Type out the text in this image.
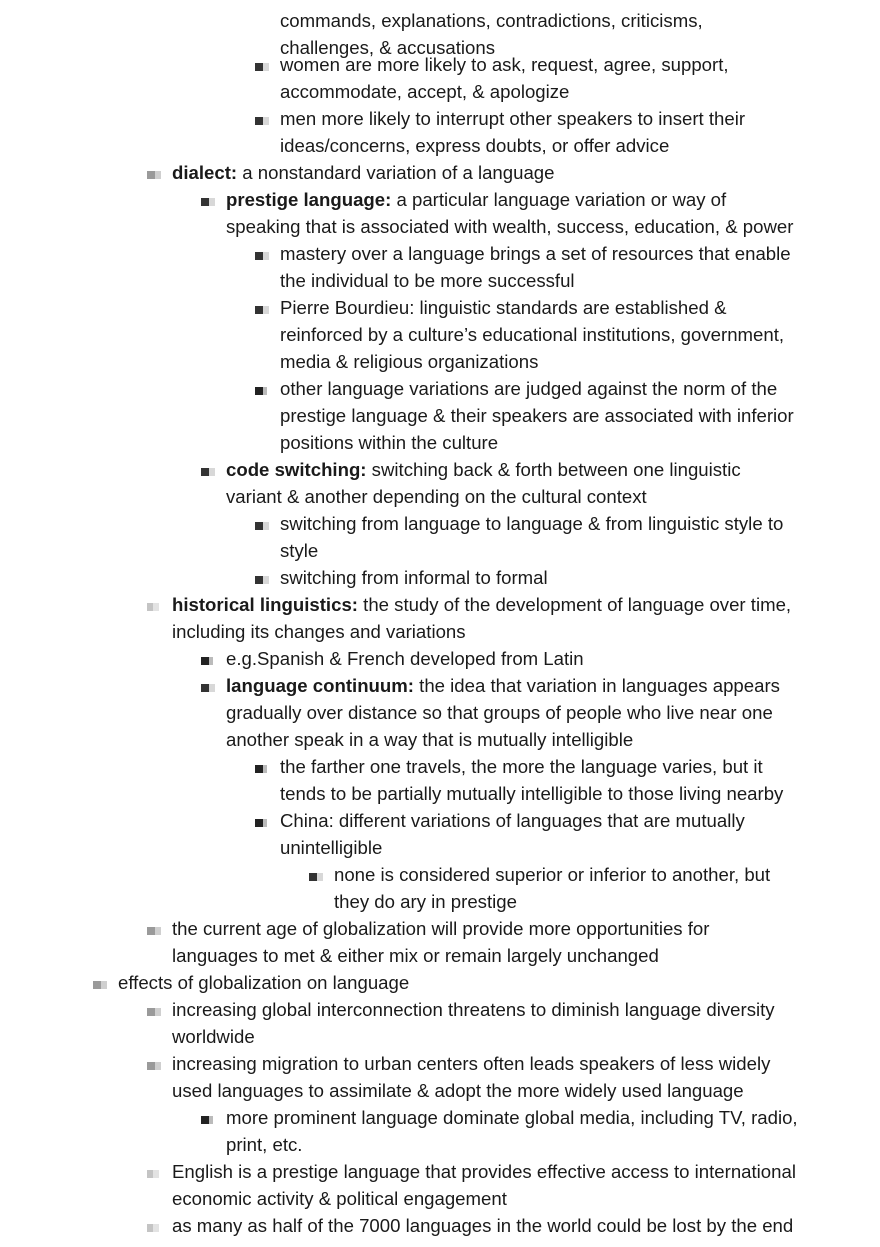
commands, explanations, contradictions, criticisms,
challenges, & accusations
women are more likely to ask, request, agree, support,
accommodate, accept, & apologize
men more likely to interrupt other speakers to insert their
ideas/concerns, express doubts, or offer advice
dialect: a nonstandard variation of a language
prestige language: a particular language variation or way of
speaking that is associated with wealth, success, education, & power
mastery over a language brings a set of resources that enable
the individual to be more successful
Pierre Bourdieu: linguistic standards are established &
reinforced by a culture’s educational institutions, government,
media & religious organizations
other language variations are judged against the norm of the
prestige language & their speakers are associated with inferior
positions within the culture
code switching: switching back & forth between one linguistic
variant & another depending on the cultural context
switching from language to language & from linguistic style to
style
switching from informal to formal
historical linguistics: the study of the development of language over time,
including its changes and variations
e.g.Spanish & French developed from Latin
language continuum: the idea that variation in languages appears
gradually over distance so that groups of people who live near one
another speak in a way that is mutually intelligible
the farther one travels, the more the language varies, but it
tends to be partially mutually intelligible to those living nearby
China: different variations of languages that are mutually
unintelligible
none is considered superior or inferior to another, but
they do ary in prestige
the current age of globalization will provide more opportunities for
languages to met & either mix or remain largely unchanged
effects of globalization on language
increasing global interconnection threatens to diminish language diversity
worldwide
increasing migration to urban centers often leads speakers of less widely
used languages to assimilate & adopt the more widely used language
more prominent language dominate global media, including TV, radio,
print, etc.
English is a prestige language that provides effective access to international
economic activity & political engagement
as many as half of the 7000 languages in the world could be lost by the end
